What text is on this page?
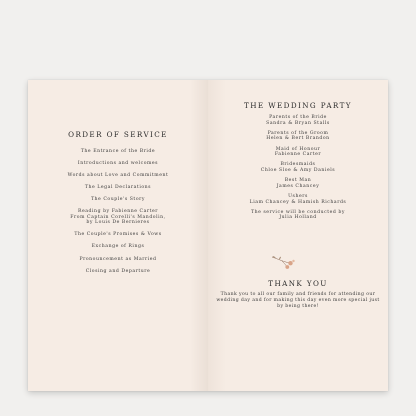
ORDER OF SERVICE
The Entrance of the Bride
Introductions and welcomes
Words about Love and Commitment
The Legal Declarations
The Couple's Story
Reading by Fabienne Carter
From Captain Corelli's Mandolin,
by Louis De Bernieres
The Couple's Promises & Vows
Exchange of Rings
Pronouncement as Married
Closing and Departure
THE WEDDING PARTY
Parents of the Bride
Sandra & Bryan Stalls
Parents of the Groom
Helen & Bert Brandon
Maid of Honour
Fabienne Carter
Bridesmaids
Chloe Sloe & Amy Daniels
Best Man
James Chancey
Ushers
Liam Chancey & Hamish Richards
The service will be conducted by
Julia Holland
THANK YOU
Thank you to all our family and friends for attending our wedding day and for making this day even more special just by being there!
